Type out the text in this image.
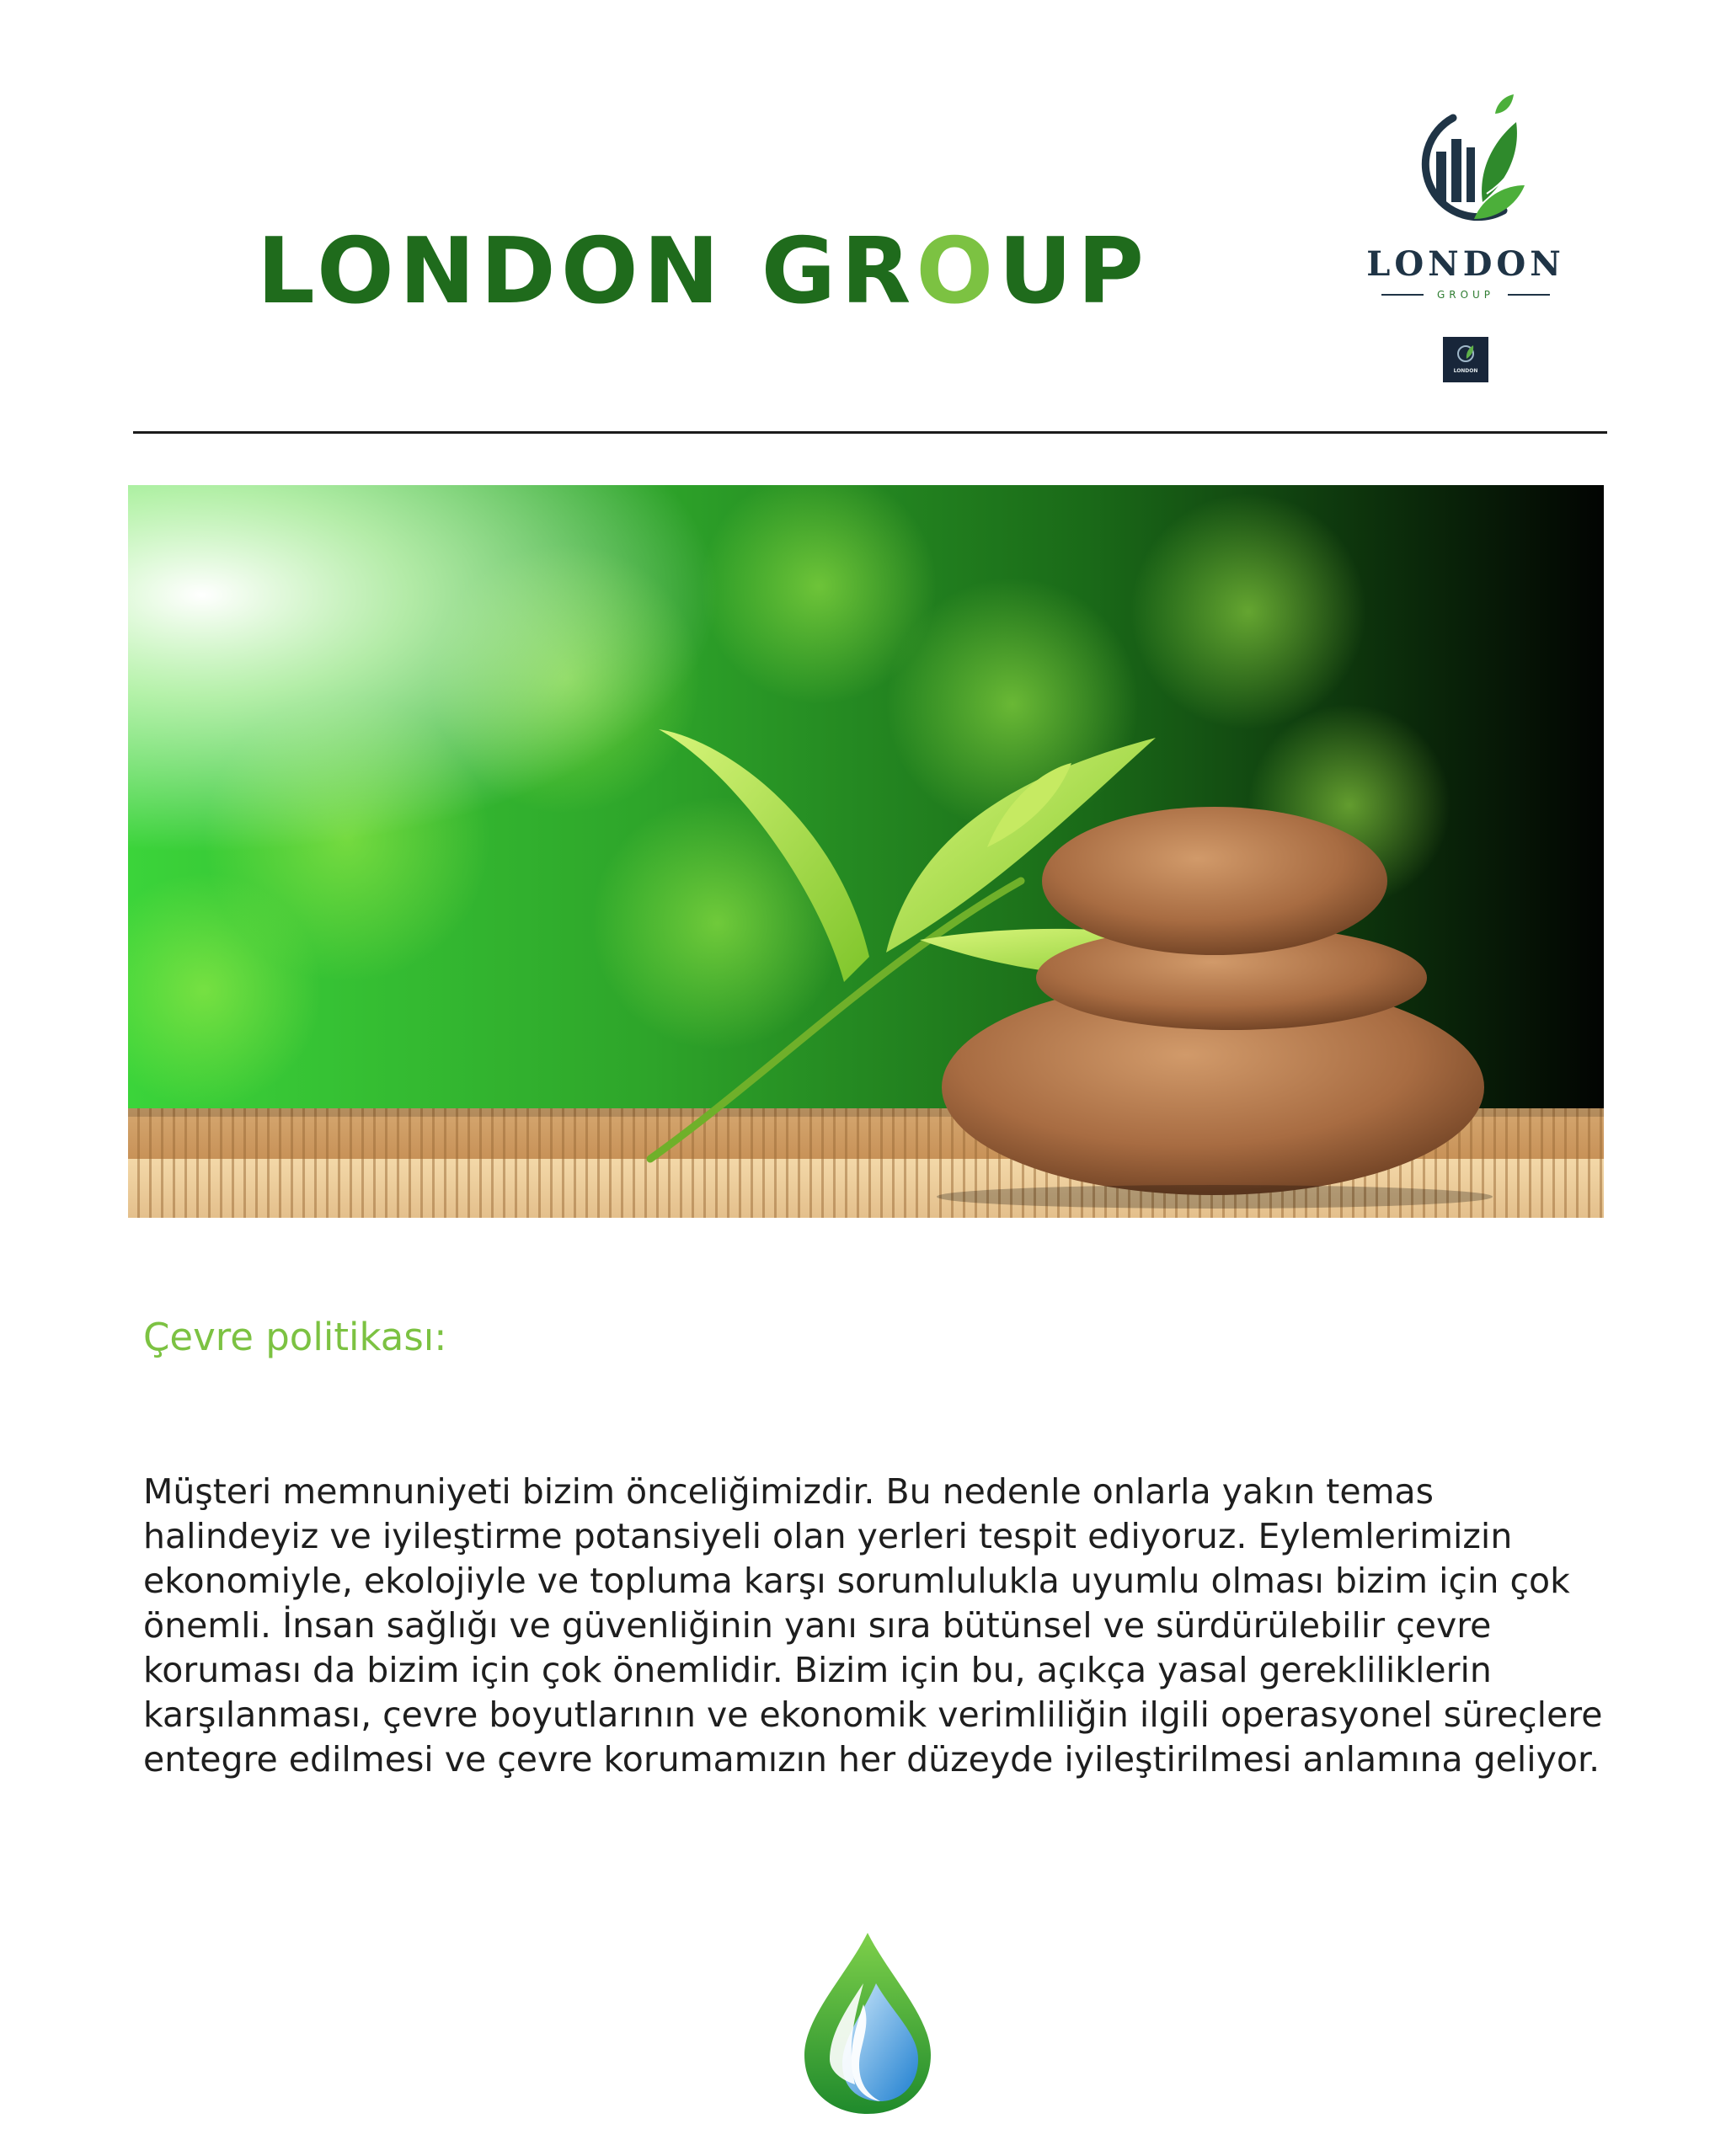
LONDON GROUP	LONDON
GROUP
LONDON
Çevre politikası:
Müşteri memnuniyeti bizim önceliğimizdir. Bu nedenle onlarla yakın temas halindeyiz ve iyileştirme potansiyeli olan yerleri tespit ediyoruz. Eylemlerimizin ekonomiyle, ekolojiyle ve topluma karşı sorumlulukla uyumlu olması bizim için çok önemli. İnsan sağlığı ve güvenliğinin yanı sıra bütünsel ve sürdürülebilir çevre koruması da bizim için çok önemlidir. Bizim için bu, açıkça yasal gerekliliklerin karşılanması, çevre boyutlarının ve ekonomik verimliliğin ilgili operasyonel süreçlere entegre edilmesi ve çevre korumamızın her düzeyde iyileştirilmesi anlamına geliyor.
